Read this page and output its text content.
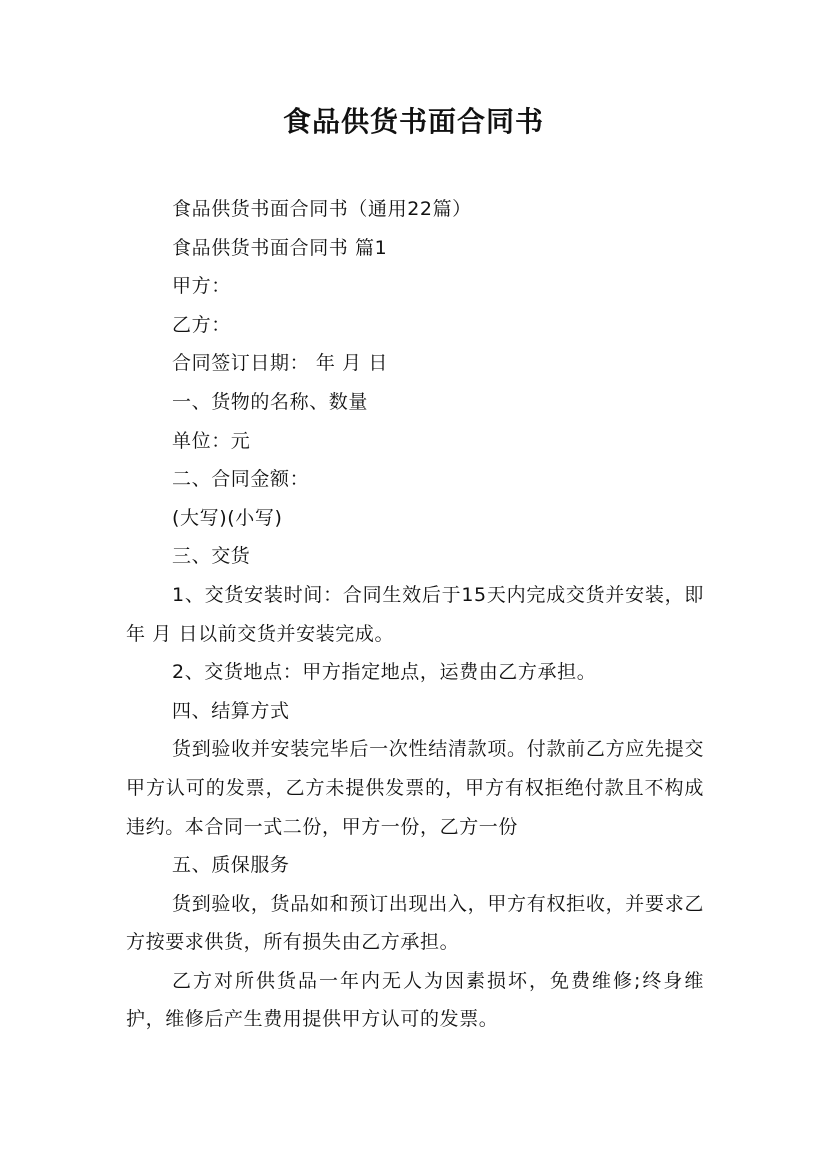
食品供货书面合同书

食品供货书面合同书（通用22篇）

食品供货书面合同书 篇1

甲方：

乙方：

合同签订日期： 年 月 日

一、货物的名称、数量

单位：元

二、合同金额：

(大写)(小写)

三、交货

1、交货安装时间：合同生效后于15天内完成交货并安装，即年 月 日以前交货并安装完成。

2、交货地点：甲方指定地点，运费由乙方承担。

四、结算方式

货到验收并安装完毕后一次性结清款项。付款前乙方应先提交甲方认可的发票，乙方未提供发票的，甲方有权拒绝付款且不构成违约。本合同一式二份，甲方一份，乙方一份

五、质保服务

货到验收，货品如和预订出现出入，甲方有权拒收，并要求乙方按要求供货，所有损失由乙方承担。

乙方对所供货品一年内无人为因素损坏，免费维修;终身维护，维修后产生费用提供甲方认可的发票。
